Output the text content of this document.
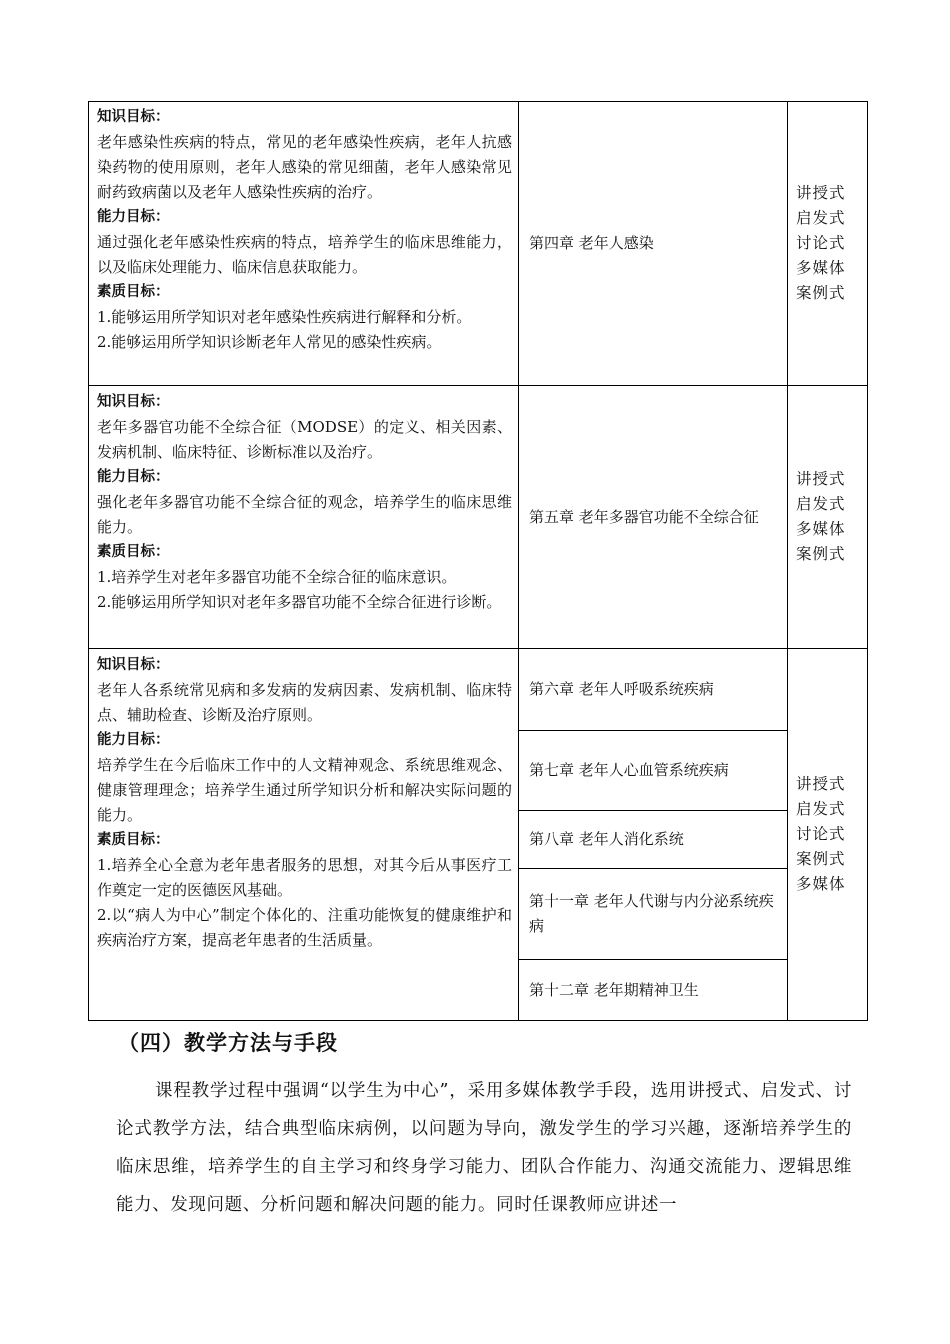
知识目标：
老年感染性疾病的特点，常见的老年感染性疾病，老年人抗感染药物的使用原则，老年人感染的常见细菌，老年人感染常见耐药致病菌以及老年人感染性疾病的治疗。
能力目标：
通过强化老年感染性疾病的特点，培养学生的临床思维能力，以及临床处理能力、临床信息获取能力。
素质目标：
1.能够运用所学知识对老年感染性疾病进行解释和分析。
2.能够运用所学知识诊断老年人常见的感染性疾病。
第四章 老年人感染
讲授式
启发式
讨论式
多媒体
案例式
知识目标：
老年多器官功能不全综合征（MODSE）的定义、相关因素、发病机制、临床特征、诊断标准以及治疗。
能力目标：
强化老年多器官功能不全综合征的观念，培养学生的临床思维能力。
素质目标：
1.培养学生对老年多器官功能不全综合征的临床意识。
2.能够运用所学知识对老年多器官功能不全综合征进行诊断。
第五章 老年多器官功能不全综合征
讲授式
启发式
多媒体
案例式
知识目标：
老年人各系统常见病和多发病的发病因素、发病机制、临床特点、辅助检查、诊断及治疗原则。
能力目标：
培养学生在今后临床工作中的人文精神观念、系统思维观念、健康管理理念；培养学生通过所学知识分析和解决实际问题的能力。
素质目标：
1.培养全心全意为老年患者服务的思想，对其今后从事医疗工作奠定一定的医德医风基础。
2.以“病人为中心”制定个体化的、注重功能恢复的健康维护和疾病治疗方案，提高老年患者的生活质量。
第六章 老年人呼吸系统疾病
第七章 老年人心血管系统疾病
第八章 老年人消化系统
第十一章 老年人代谢与内分泌系统疾病
第十二章 老年期精神卫生
讲授式
启发式
讨论式
案例式
多媒体
（四）教学方法与手段
课程教学过程中强调“以学生为中心”，采用多媒体教学手段，选用讲授式、启发式、讨论式教学方法，结合典型临床病例，以问题为导向，激发学生的学习兴趣，逐渐培养学生的临床思维，培养学生的自主学习和终身学习能力、团队合作能力、沟通交流能力、逻辑思维能力、发现问题、分析问题和解决问题的能力。同时任课教师应讲述一
